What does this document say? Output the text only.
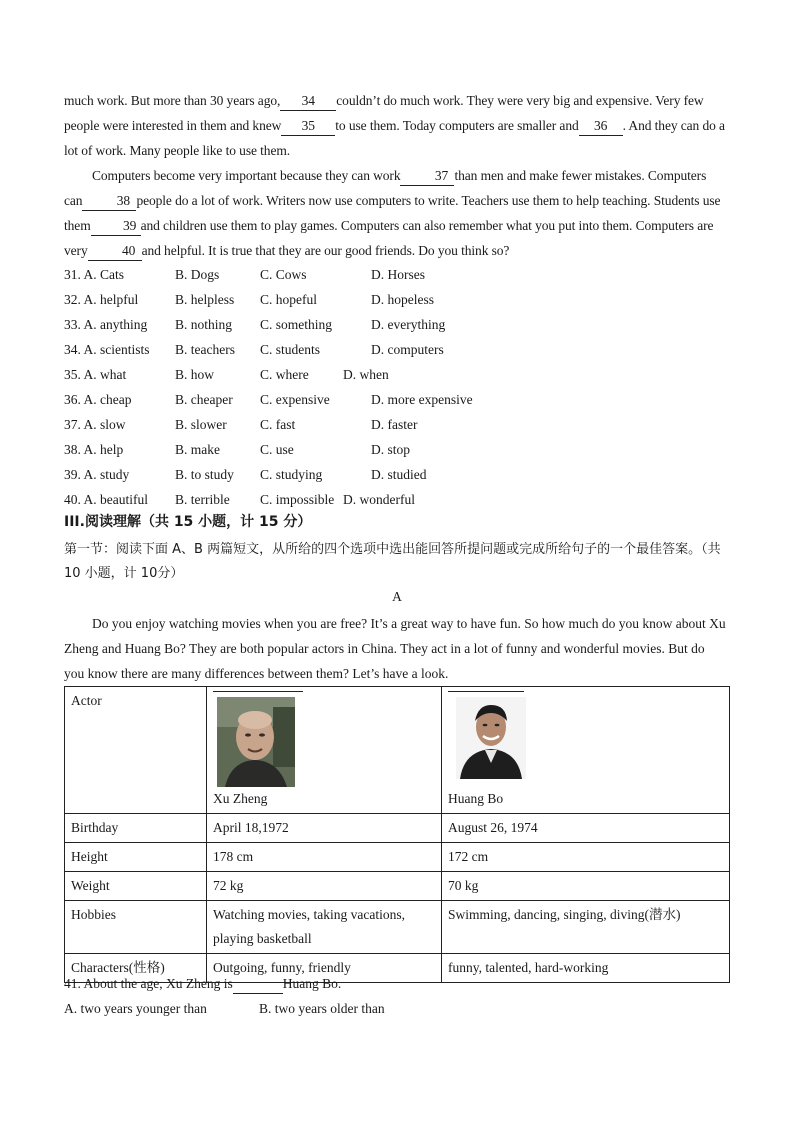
much work. But more than 30 years ago, 34 couldn’t do much work. They were very big and expensive. Very few people were interested in them and knew 35 to use them. Today computers are smaller and 36 . And they can do a lot of work. Many people like to use them.

Computers become very important because they can work	37 than men and make fewer mistakes. Computers can	38 people do a lot of work. Writers now use computers to write. Teachers use them to help teaching. Students use them 39 and children use them to play games. Computers can also remember what you put into them. Computers are very	40 and helpful. It is true that they are our good friends. Do you think so?

31. A. Cats	B. Dogs	C. Cows	D. Horses
32. A. helpful	B. helpless C. hopeful	D. hopeless
33. A. anything B. nothing C. something	D. everything
34. A. scientists B. teachers C. students	D. computers
35. A. what	B. how	C. where	D. when
36. A. cheap	B. cheaper C. expensive	D. more expensive
37. A. slow	B. slower C. fast	D. faster
38. A. help	B. make	C. use	D. stop
39. A. study	B. to study C. studying	D. studied
40. A. beautiful B. terrible C. impossible D. wonderful
III.阅读理解（共 15 小题，计 15 分）
第一节：阅读下面 A、B 两篇短文，从所给的四个选项中选出能回答所提问题或完成所给句子的一个最佳答案。（共 10 小题，计 10分）
A

Do you enjoy watching movies when you are free? It’s a great way to have fun. So how much do you know about Xu Zheng and Huang Bo? They are both popular actors in China. They act in a lot of funny and wonderful movies. But do you know there are many differences between them? Let’s have a look.

Actor	Xu Zheng	Huang Bo

Birthday	April 18,1972	August 26, 1974
Height	178 cm	172 cm
Weight	72 kg	70 kg
Hobbies	Watching movies, taking vacations, playing basketball	Swimming, dancing, singing, diving(潜水)
Characters(性格)	Outgoing, funny, friendly	funny, talented, hard-working
41. About the age, Xu Zheng is	Huang Bo.
A. two years younger than	B. two years older than
